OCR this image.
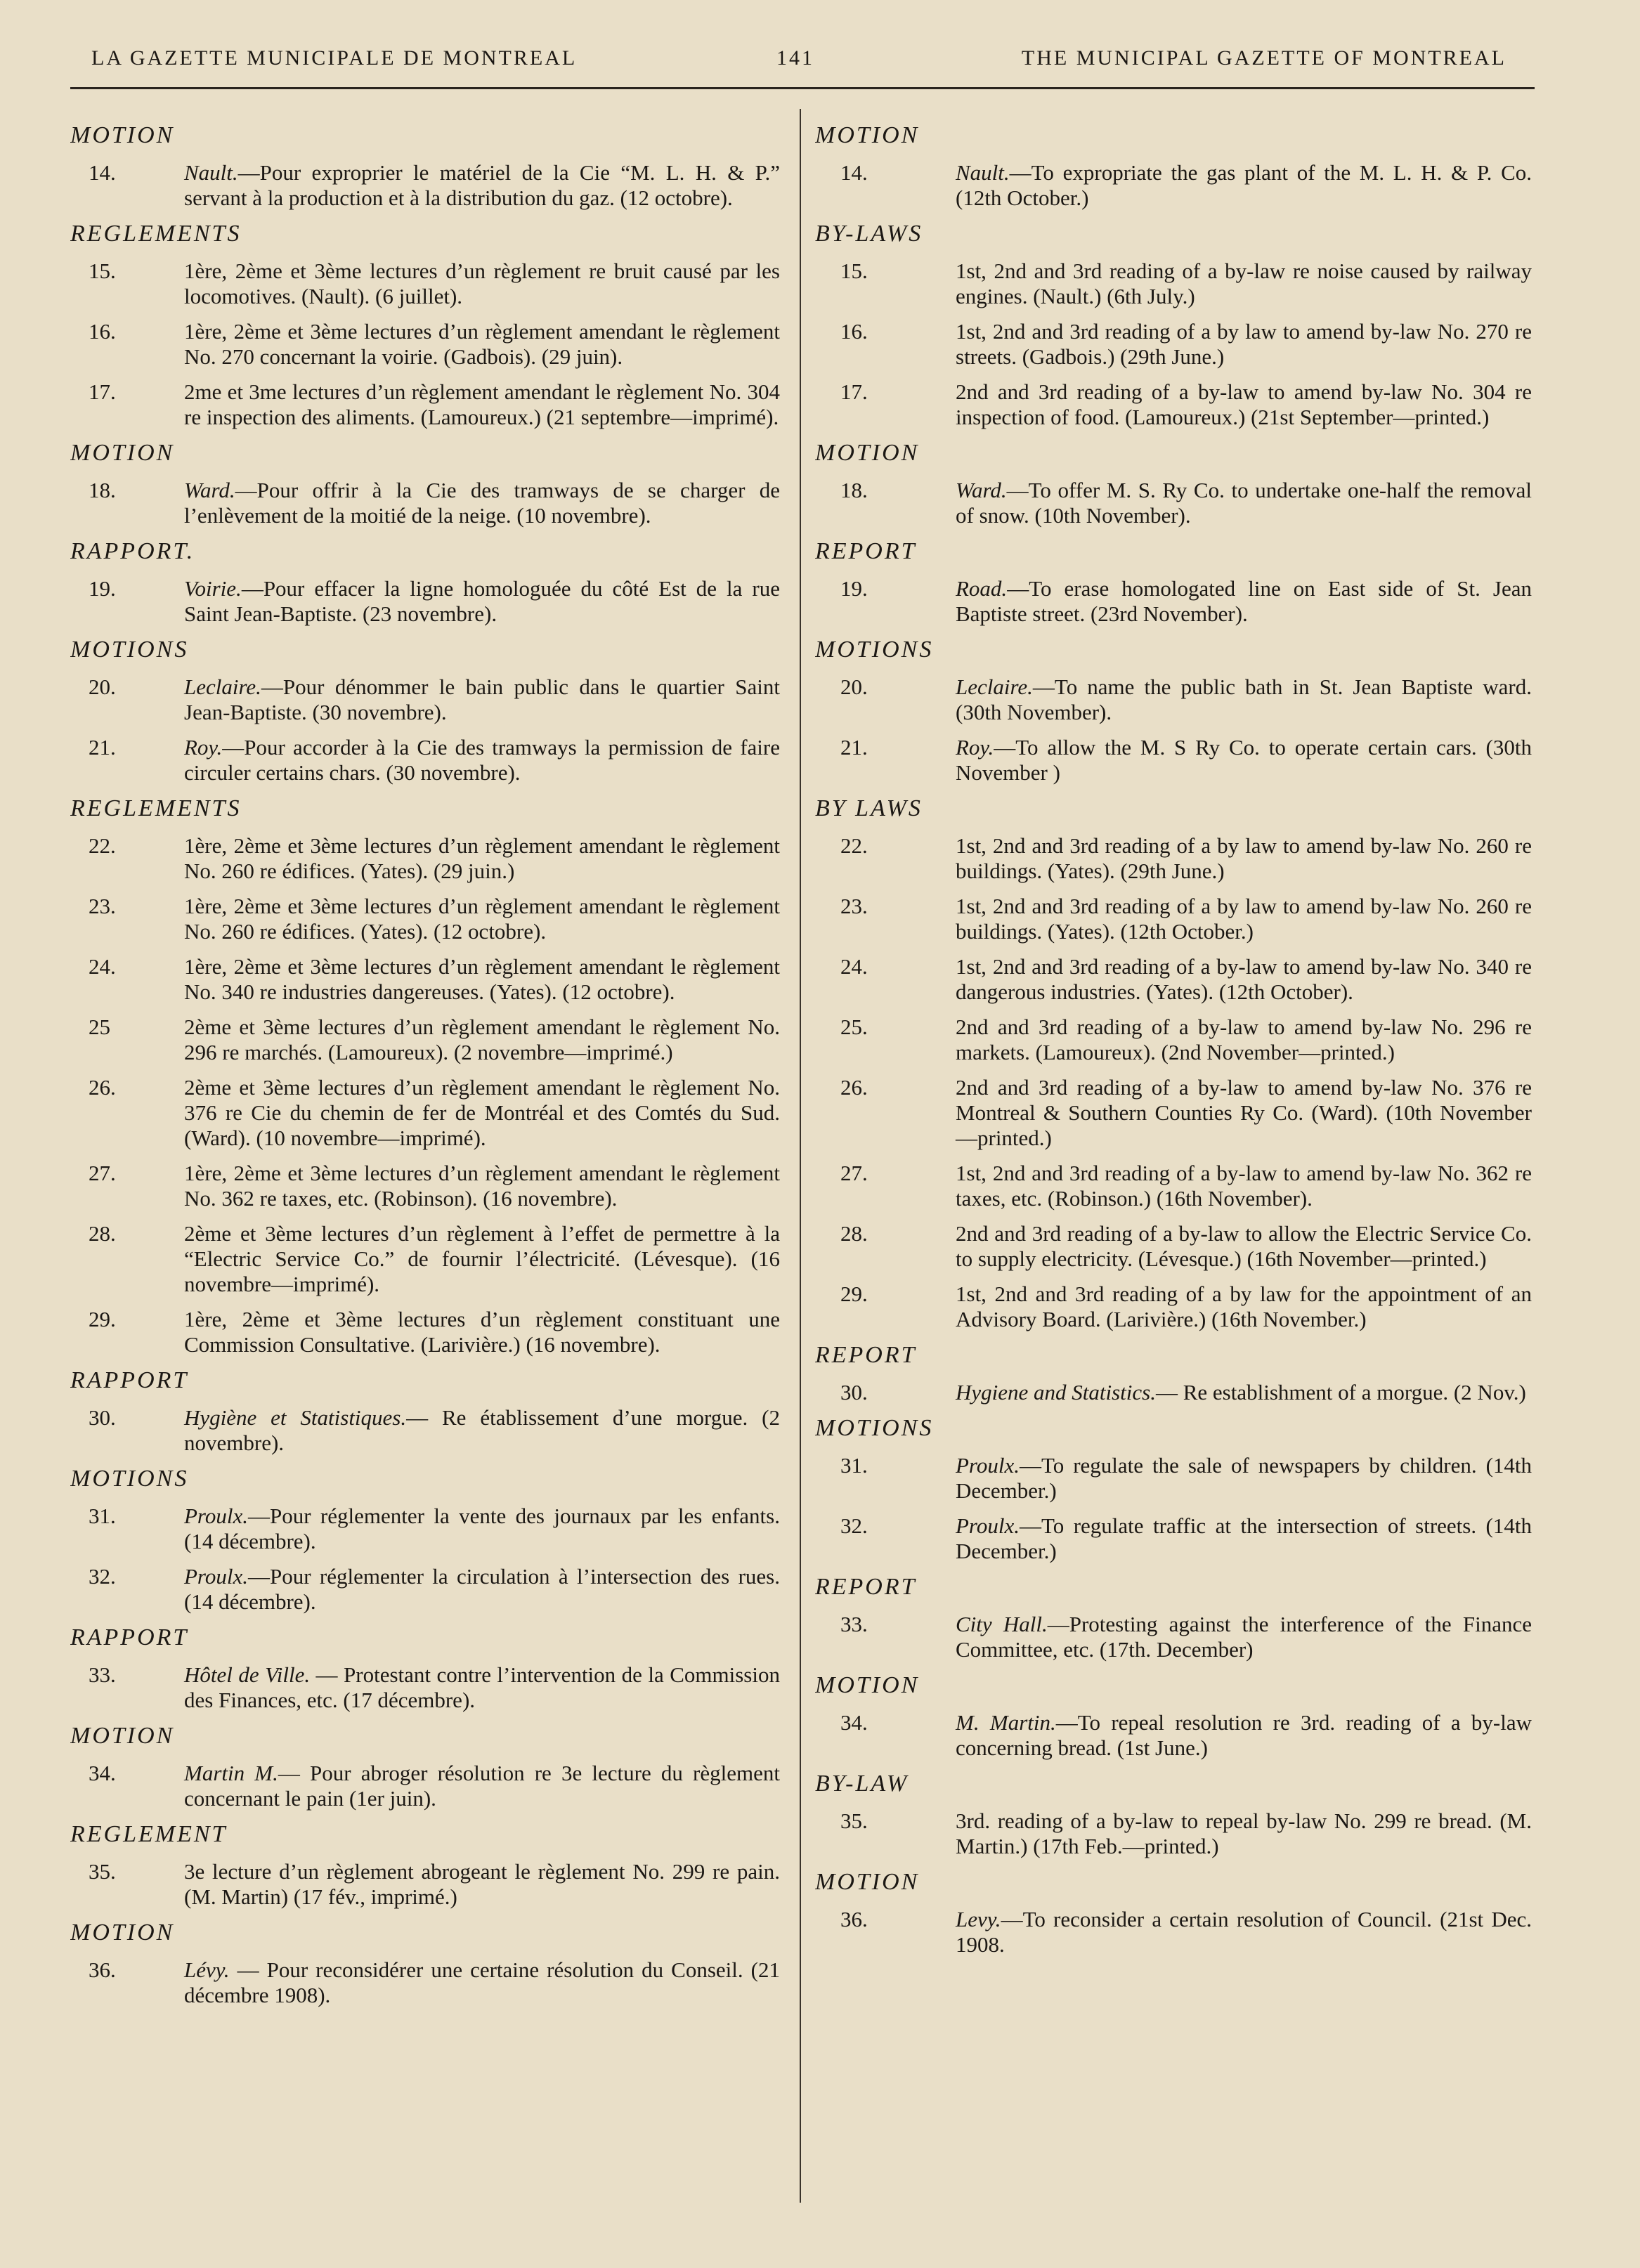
LA GAZETTE MUNICIPALE DE MONTREAL	141	THE MUNICIPAL GAZETTE OF MONTREAL
MOTION
14.	Nault.—Pour exproprier le matériel de la Cie “M. L. H. & P.” servant à la production et à la distribution du gaz. (12 octobre).
REGLEMENTS
15.	1ère, 2ème et 3ème lectures d’un règlement re bruit causé par les locomotives. (Nault). (6 juillet).
16.	1ère, 2ème et 3ème lectures d’un règlement amendant le règlement No. 270 concernant la voirie. (Gadbois). (29 juin).
17.	2me et 3me lectures d’un règlement amendant le règlement No. 304 re inspection des aliments. (Lamoureux.) (21 septembre—imprimé).
MOTION
18.	Ward.—Pour offrir à la Cie des tramways de se charger de l’enlèvement de la moitié de la neige. (10 novembre).
RAPPORT.
19.	Voirie.—Pour effacer la ligne homologuée du côté Est de la rue Saint Jean-Baptiste. (23 novembre).
MOTIONS
20.	Leclaire.—Pour dénommer le bain public dans le quartier Saint Jean-Baptiste. (30 novembre).
21.	Roy.—Pour accorder à la Cie des tramways la permission de faire circuler certains chars. (30 novembre).
REGLEMENTS
22.	1ère, 2ème et 3ème lectures d’un règlement amendant le règlement No. 260 re édifices. (Yates). (29 juin.)
23.	1ère, 2ème et 3ème lectures d’un règlement amendant le règlement No. 260 re édifices. (Yates). (12 octobre).
24.	1ère, 2ème et 3ème lectures d’un règlement amendant le règlement No. 340 re industries dangereuses. (Yates). (12 octobre).
25	2ème et 3ème lectures d’un règlement amendant le règlement No. 296 re marchés. (Lamoureux). (2 novembre—imprimé.)
26.	2ème et 3ème lectures d’un règlement amendant le règlement No. 376 re Cie du chemin de fer de Montréal et des Comtés du Sud. (Ward). (10 novembre—imprimé).
27.	1ère, 2ème et 3ème lectures d’un règlement amendant le règlement No. 362 re taxes, etc. (Robinson). (16 novembre).
28.	2ème et 3ème lectures d’un règlement à l’effet de permettre à la “Electric Service Co.” de fournir l’électricité. (Lévesque). (16 novembre—imprimé).
29.	1ère, 2ème et 3ème lectures d’un règlement constituant une Commission Consultative. (Larivière.) (16 novembre).
RAPPORT
30.	Hygiène et Statistiques.— Re établissement d’une morgue. (2 novembre).
MOTIONS
31.	Proulx.—Pour réglementer la vente des journaux par les enfants. (14 décembre).
32.	Proulx.—Pour réglementer la circulation à l’intersection des rues. (14 décembre).
RAPPORT
33.	Hôtel de Ville. — Protestant contre l’intervention de la Commission des Finances, etc. (17 décembre).
MOTION
34.	Martin M.— Pour abroger résolution re 3e lecture du règlement concernant le pain (1er juin).
REGLEMENT
35.	3e lecture d’un règlement abrogeant le règlement No. 299 re pain. (M. Martin) (17 fév., imprimé.)
MOTION
36.	Lévy. — Pour reconsidérer une certaine résolution du Conseil. (21 décembre 1908).
MOTION
14.	Nault.—To expropriate the gas plant of the M. L. H. & P. Co. (12th October.)
BY-LAWS
15.	1st, 2nd and 3rd reading of a by-law re noise caused by railway engines. (Nault.) (6th July.)
16.	1st, 2nd and 3rd reading of a by law to amend by-law No. 270 re streets. (Gadbois.) (29th June.)
17.	2nd and 3rd reading of a by-law to amend by-law No. 304 re inspection of food. (Lamoureux.) (21st September—printed.)
MOTION
18.	Ward.—To offer M. S. Ry Co. to undertake one-half the removal of snow. (10th November).
REPORT
19.	Road.—To erase homologated line on East side of St. Jean Baptiste street. (23rd November).
MOTIONS
20.	Leclaire.—To name the public bath in St. Jean Baptiste ward. (30th November).
21.	Roy.—To allow the M. S Ry Co. to operate certain cars. (30th November )
BY LAWS
22.	1st, 2nd and 3rd reading of a by law to amend by-law No. 260 re buildings. (Yates). (29th June.)
23.	1st, 2nd and 3rd reading of a by law to amend by-law No. 260 re buildings. (Yates). (12th October.)
24.	1st, 2nd and 3rd reading of a by-law to amend by-law No. 340 re dangerous industries. (Yates). (12th October).
25.	2nd and 3rd reading of a by-law to amend by-law No. 296 re markets. (Lamoureux). (2nd November—printed.)
26.	2nd and 3rd reading of a by-law to amend by-law No. 376 re Montreal & Southern Counties Ry Co. (Ward). (10th November—printed.)
27.	1st, 2nd and 3rd reading of a by-law to amend by-law No. 362 re taxes, etc. (Robinson.) (16th November).
28.	2nd and 3rd reading of a by-law to allow the Electric Service Co. to supply electricity. (Lévesque.) (16th November—printed.)
29.	1st, 2nd and 3rd reading of a by law for the appointment of an Advisory Board. (Larivière.) (16th November.)
REPORT
30.	Hygiene and Statistics.— Re establishment of a morgue. (2 Nov.)
MOTIONS
31.	Proulx.—To regulate the sale of newspapers by children. (14th December.)
32.	Proulx.—To regulate traffic at the intersection of streets. (14th December.)
REPORT
33.	City Hall.—Protesting against the interference of the Finance Committee, etc. (17th. December)
MOTION
34.	M. Martin.—To repeal resolution re 3rd. reading of a by-law concerning bread. (1st June.)
BY-LAW
35.	3rd. reading of a by-law to repeal by-law No. 299 re bread. (M. Martin.) (17th Feb.—printed.)
MOTION
36.	Levy.—To reconsider a certain resolution of Council. (21st Dec. 1908.
